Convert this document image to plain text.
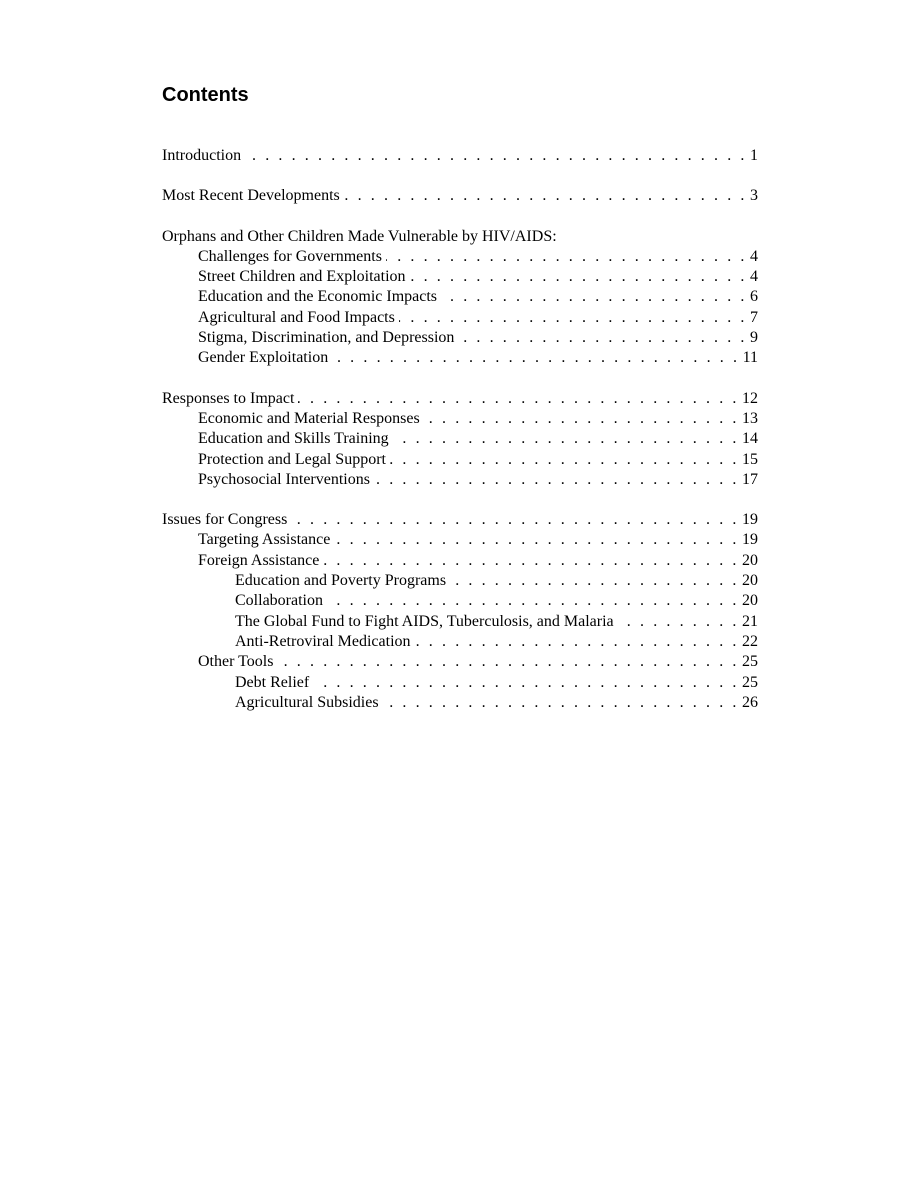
Contents
Introduction . . .	1
Most Recent Developments . . .	3
Orphans and Other Children Made Vulnerable by HIV/AIDS:
Challenges for Governments . . .	4
Street Children and Exploitation . . .	4
Education and the Economic Impacts . . .	6
Agricultural and Food Impacts . . .	7
Stigma, Discrimination, and Depression . . .	9
Gender Exploitation . . .	11
Responses to Impact . . .	12
Economic and Material Responses . . .	13
Education and Skills Training . . .	14
Protection and Legal Support . . .	15
Psychosocial Interventions . . .	17
Issues for Congress . . .	19
Targeting Assistance . . .	19
Foreign Assistance . . .	20
Education and Poverty Programs . . .	20
Collaboration . . .	20
The Global Fund to Fight AIDS, Tuberculosis, and Malaria . . .	21
Anti-Retroviral Medication . . .	22
Other Tools . . .	25
Debt Relief . . .	25
Agricultural Subsidies . . .	26
